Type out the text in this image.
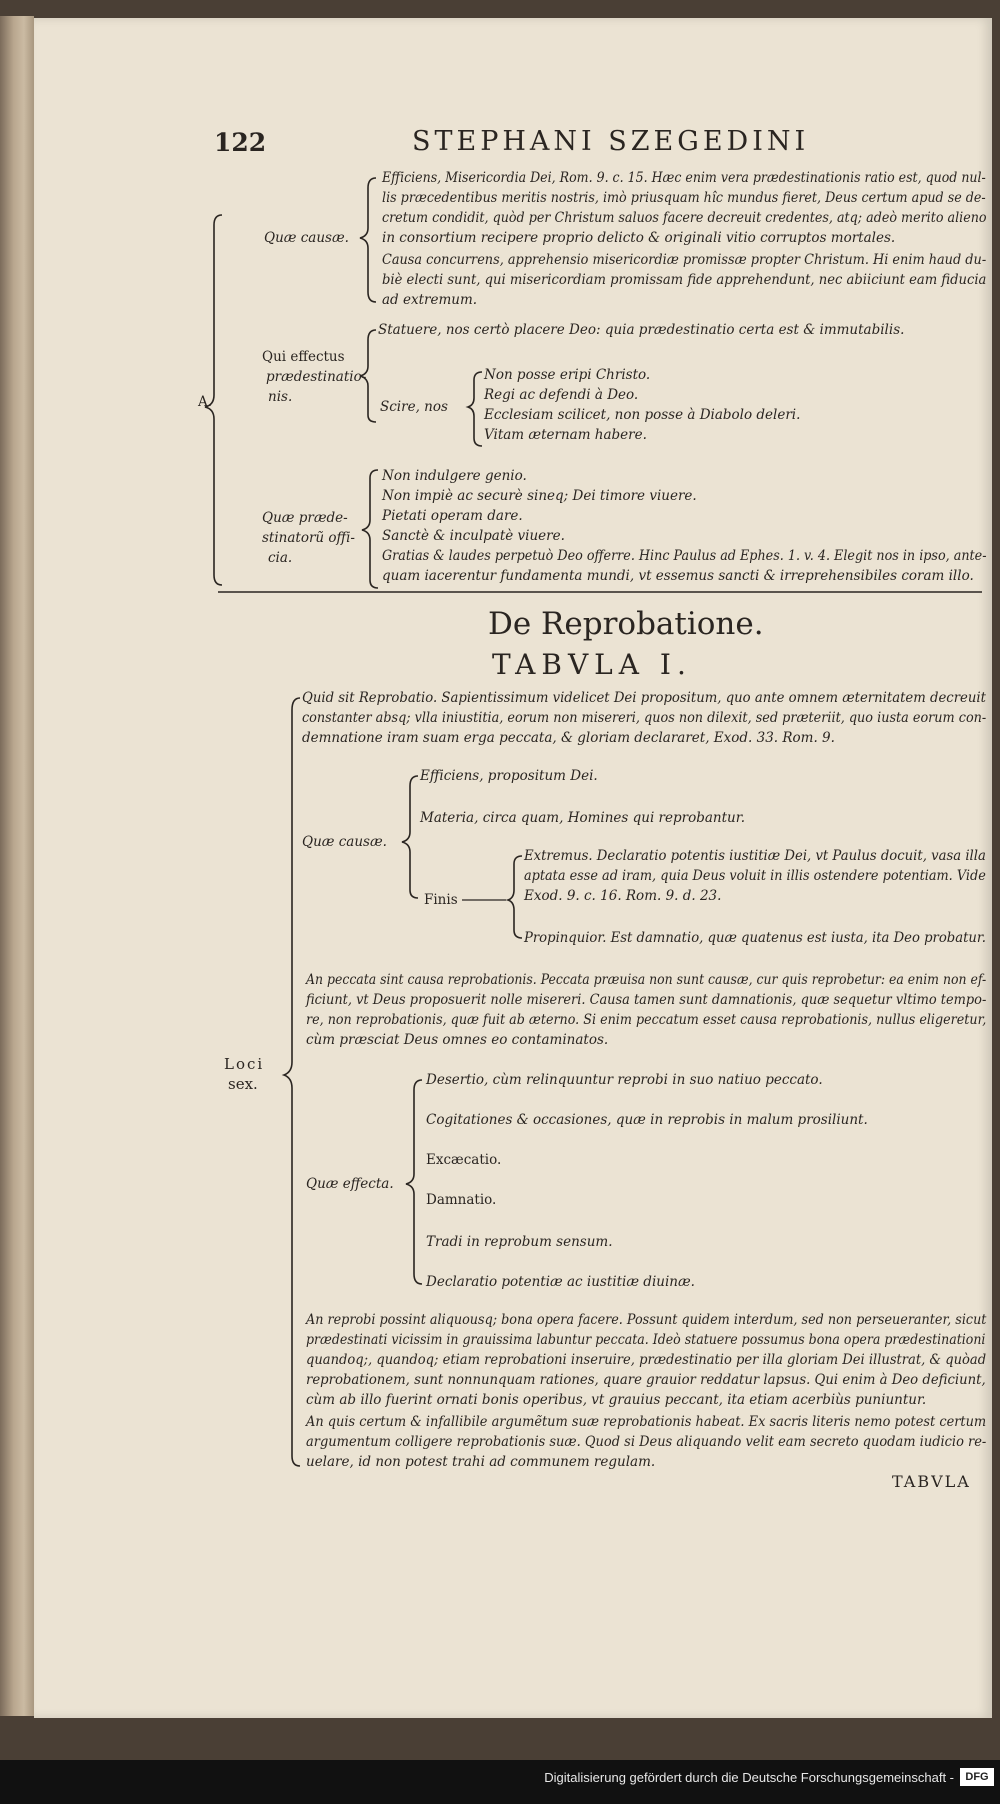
122	STEPHANI SZEGEDINI
A.
Quæ causæ.
Efficiens, Misericordia Dei, Rom. 9. c. 15. Hæc enim vera prædestinationis ratio est, quod nul-
lis præcedentibus meritis nostris, imò priusquam hîc mundus fieret, Deus certum apud se de-
cretum condidit, quòd per Christum saluos facere decreuit credentes, atq; adeò merito alieno
in consortium recipere proprio delicto & originali vitio corruptos mortales.
Causa concurrens, apprehensio misericordiæ promissæ propter Christum. Hi enim haud du-
biè electi sunt, qui misericordiam promissam fide apprehendunt, nec abiiciunt eam fiducia
ad extremum.
Qui effectus
prædestinatio-
nis.
Statuere, nos certò placere Deo: quia prædestinatio certa est & immutabilis.
Scire, nos
Non posse eripi Christo.
Regi ac defendi à Deo.
Ecclesiam scilicet, non posse à Diabolo deleri.
Vitam æternam habere.
Quæ præde-
stinatorũ offi-
cia.
Non indulgere genio.
Non impiè ac securè sineq; Dei timore viuere.
Pietati operam dare.
Sanctè & inculpatè viuere.
Gratias & laudes perpetuò Deo offerre. Hinc Paulus ad Ephes. 1. v. 4. Elegit nos in ipso, ante-
quam iacerentur fundamenta mundi, vt essemus sancti & irreprehensibiles coram illo.
De Reprobatione.
TABVLA I.
Loci
sex.
Quid sit Reprobatio. Sapientissimum videlicet Dei propositum, quo ante omnem æternitatem decreuit
constanter absq; vlla iniustitia, eorum non misereri, quos non dilexit, sed præteriit, quo iusta eorum con-
demnatione iram suam erga peccata, & gloriam declararet, Exod. 33. Rom. 9.
Quæ causæ.
Efficiens, propositum Dei.
Materia, circa quam, Homines qui reprobantur.
Finis
Extremus. Declaratio potentis iustitiæ Dei, vt Paulus docuit, vasa illa
aptata esse ad iram, quia Deus voluit in illis ostendere potentiam. Vide
Exod. 9. c. 16. Rom. 9. d. 23.
Propinquior. Est damnatio, quæ quatenus est iusta, ita Deo probatur.
An peccata sint causa reprobationis. Peccata præuisa non sunt causæ, cur quis reprobetur: ea enim non ef-
ficiunt, vt Deus proposuerit nolle misereri. Causa tamen sunt damnationis, quæ sequetur vltimo tempo-
re, non reprobationis, quæ fuit ab æterno. Si enim peccatum esset causa reprobationis, nullus eligeretur,
cùm præsciat Deus omnes eo contaminatos.
Quæ effecta.
Desertio, cùm relinquuntur reprobi in suo natiuo peccato.
Cogitationes & occasiones, quæ in reprobis in malum prosiliunt.
Excæcatio.
Damnatio.
Tradi in reprobum sensum.
Declaratio potentiæ ac iustitiæ diuinæ.
An reprobi possint aliquousq; bona opera facere. Possunt quidem interdum, sed non perseueranter, sicut
prædestinati vicissim in grauissima labuntur peccata. Ideò statuere possumus bona opera prædestinationi
quandoq;, quandoq; etiam reprobationi inseruire, prædestinatio per illa gloriam Dei illustrat, & quòad
reprobationem, sunt nonnunquam rationes, quare grauior reddatur lapsus. Qui enim à Deo deficiunt,
cùm ab illo fuerint ornati bonis operibus, vt grauius peccant, ita etiam acerbiùs puniuntur.
An quis certum & infallibile argumẽtum suæ reprobationis habeat. Ex sacris literis nemo potest certum
argumentum colligere reprobationis suæ. Quod si Deus aliquando velit eam secreto quodam iudicio re-
uelare, id non potest trahi ad communem regulam.
TABVLA
Digitalisierung gefördert durch die Deutsche Forschungsgemeinschaft -	DFG
